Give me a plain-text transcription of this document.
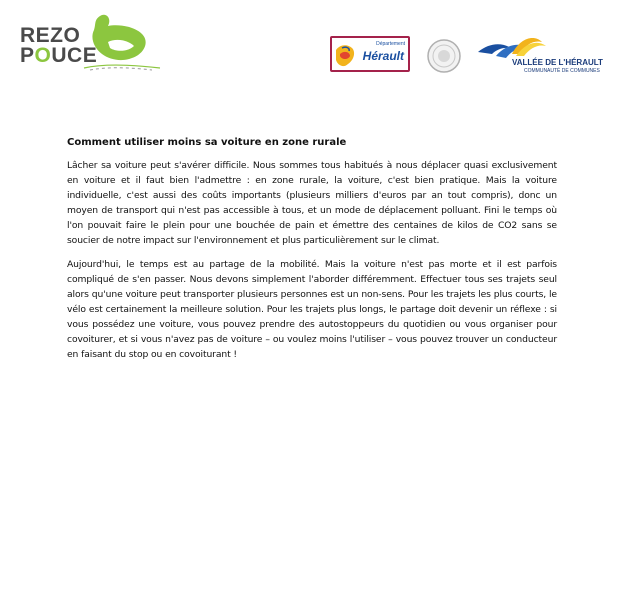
REZO
POUCE	Département
Hérault	VALLÉE DE L'HÉRAULT
COMMUNAUTÉ DE COMMUNES
Comment utiliser moins sa voiture en zone rurale

Lâcher sa voiture peut s'avérer difficile. Nous sommes tous habitués à nous déplacer quasi exclusivement en voiture et il faut bien l'admettre : en zone rurale, la voiture, c'est bien pratique. Mais la voiture individuelle, c'est aussi des coûts importants (plusieurs milliers d'euros par an tout compris), donc un moyen de transport qui n'est pas accessible à tous, et un mode de déplacement polluant. Fini le temps où l'on pouvait faire le plein pour une bouchée de pain et émettre des centaines de kilos de CO2 sans se soucier de notre impact sur l'environnement et plus particulièrement sur le climat.

Aujourd'hui, le temps est au partage de la mobilité. Mais la voiture n'est pas morte et il est parfois compliqué de s'en passer. Nous devons simplement l'aborder différemment. Effectuer tous ses trajets seul alors qu'une voiture peut transporter plusieurs personnes est un non-sens. Pour les trajets les plus courts, le vélo est certainement la meilleure solution. Pour les trajets plus longs, le partage doit devenir un réflexe : si vous possédez une voiture, vous pouvez prendre des autostoppeurs du quotidien ou vous organiser pour covoiturer, et si vous n'avez pas de voiture – ou voulez moins l'utiliser – vous pouvez trouver un conducteur en faisant du stop ou en covoiturant !
